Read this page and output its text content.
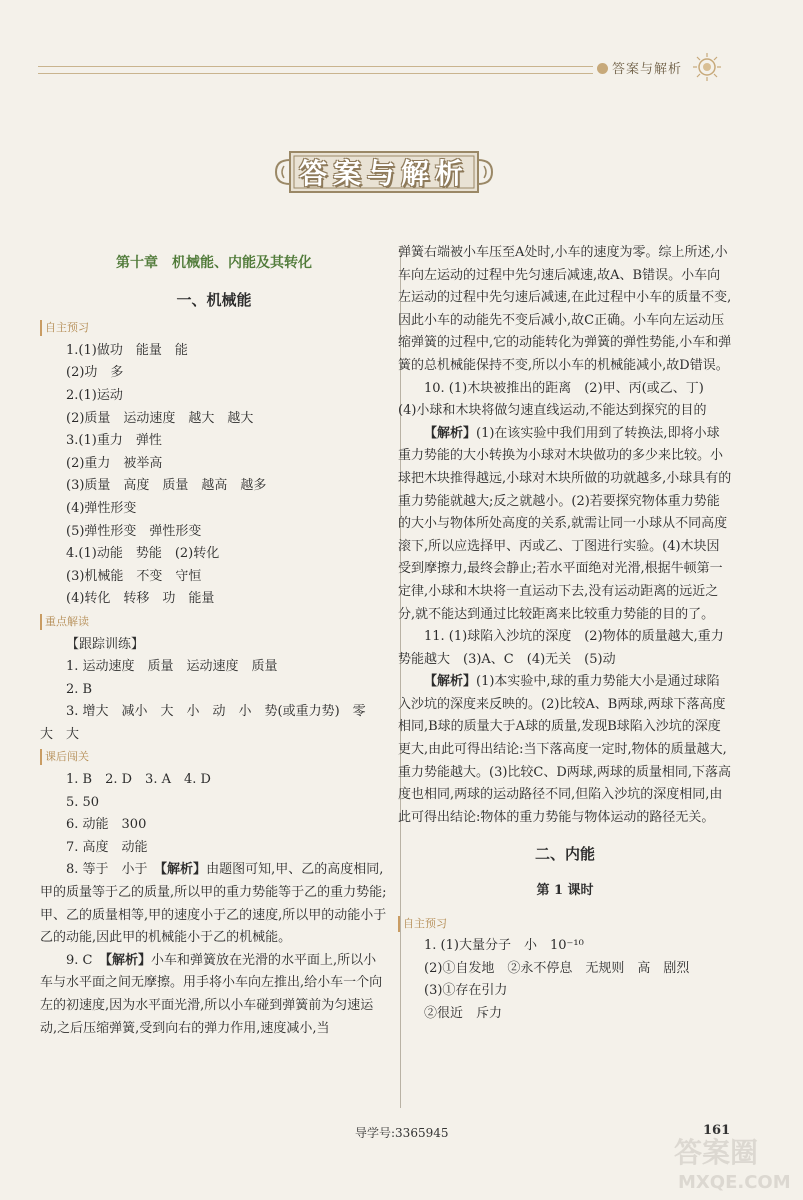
答案与解析
答案与解析

第十章　机械能、内能及其转化

一、机械能

自主预习

1.(1)做功　能量　能

(2)功　多

2.(1)运动

(2)质量　运动速度　越大　越大

3.(1)重力　弹性

(2)重力　被举高

(3)质量　高度　质量　越高　越多

(4)弹性形变

(5)弹性形变　弹性形变

4.(1)动能　势能　(2)转化

(3)机械能　不变　守恒

(4)转化　转移　功　能量

重点解读

【跟踪训练】

1. 运动速度　质量　运动速度　质量

2. B

3. 增大　减小　大　小　动　小　势(或重力势)　零

大　大

课后闯关

1. B　2. D　3. A　4. D

5. 50

6. 动能　300

7. 高度　动能

8. 等于　小于　【解析】由题图可知,甲、乙的高度相同,甲的质量等于乙的质量,所以甲的重力势能等于乙的重力势能;甲、乙的质量相等,甲的速度小于乙的速度,所以甲的动能小于乙的动能,因此甲的机械能小于乙的机械能。

9. C　【解析】小车和弹簧放在光滑的水平面上,所以小车与水平面之间无摩擦。用手将小车向左推出,给小车一个向左的初速度,因为水平面光滑,所以小车碰到弹簧前为匀速运动,之后压缩弹簧,受到向右的弹力作用,速度减小,当

弹簧右端被小车压至A处时,小车的速度为零。综上所述,小车向左运动的过程中先匀速后减速,故A、B错误。小车向左运动的过程中先匀速后减速,在此过程中小车的质量不变,因此小车的动能先不变后减小,故C正确。小车向左运动压缩弹簧的过程中,它的动能转化为弹簧的弹性势能,小车和弹簧的总机械能保持不变,所以小车的机械能减小,故D错误。

10. (1)木块被推出的距离　(2)甲、丙(或乙、丁)　(4)小球和木块将做匀速直线运动,不能达到探究的目的

【解析】(1)在该实验中我们用到了转换法,即将小球重力势能的大小转换为小球对木块做功的多少来比较。小球把木块推得越远,小球对木块所做的功就越多,小球具有的重力势能就越大;反之就越小。(2)若要探究物体重力势能的大小与物体所处高度的关系,就需让同一小球从不同高度滚下,所以应选择甲、丙或乙、丁图进行实验。(4)木块因受到摩擦力,最终会静止;若水平面绝对光滑,根据牛顿第一定律,小球和木块将一直运动下去,没有运动距离的远近之分,就不能达到通过比较距离来比较重力势能的目的了。

11. (1)球陷入沙坑的深度　(2)物体的质量越大,重力势能越大　(3)A、C　(4)无关　(5)动

【解析】(1)本实验中,球的重力势能大小是通过球陷入沙坑的深度来反映的。(2)比较A、B两球,两球下落高度相同,B球的质量大于A球的质量,发现B球陷入沙坑的深度更大,由此可得出结论:当下落高度一定时,物体的质量越大,重力势能越大。(3)比较C、D两球,两球的质量相同,下落高度也相同,两球的运动路径不同,但陷入沙坑的深度相同,由此可得出结论:物体的重力势能与物体运动的路径无关。

二、内能

第 1 课时

自主预习

1. (1)大量分子　小　10⁻¹⁰

(2)①自发地　②永不停息　无规则　高　剧烈

(3)①存在引力

②很近　斥力

导学号:3365945	161
答案圈
MXQE.COM
